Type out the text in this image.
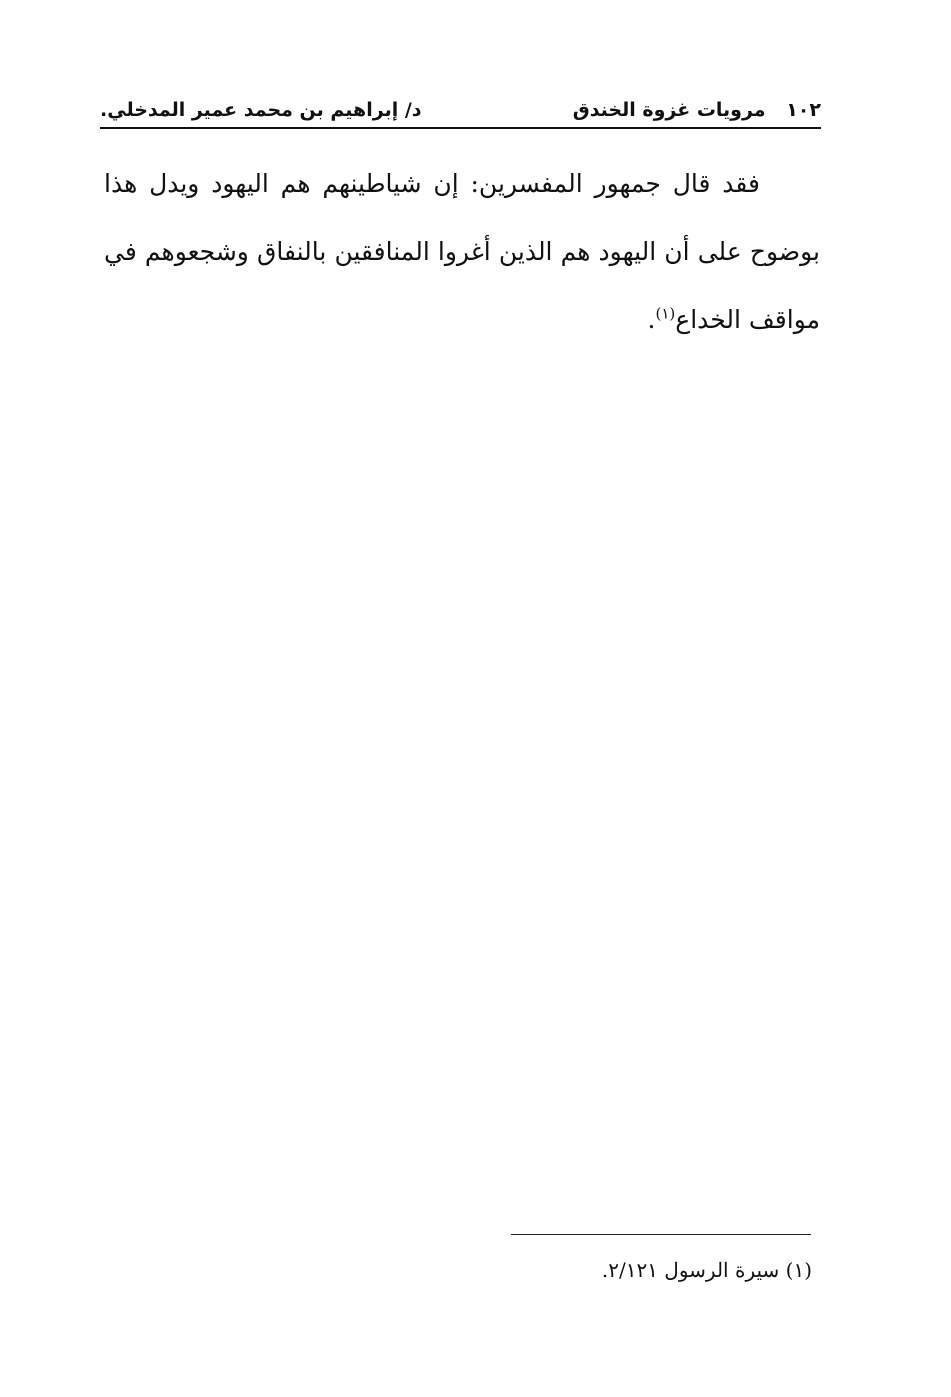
١٠٢ مرويات غزوة الخندق
د/ إبراهيم بن محمد عمير المدخلي.

فقد قال جمهور المفسرين: إن شياطينهم هم اليهود ويدل هذا بوضوح على أن اليهود هم الذين أغروا المنافقين بالنفاق وشجعوهم في مواقف الخداع$^{(١)}$.

(١) سيرة الرسول ٢/١٢١.
